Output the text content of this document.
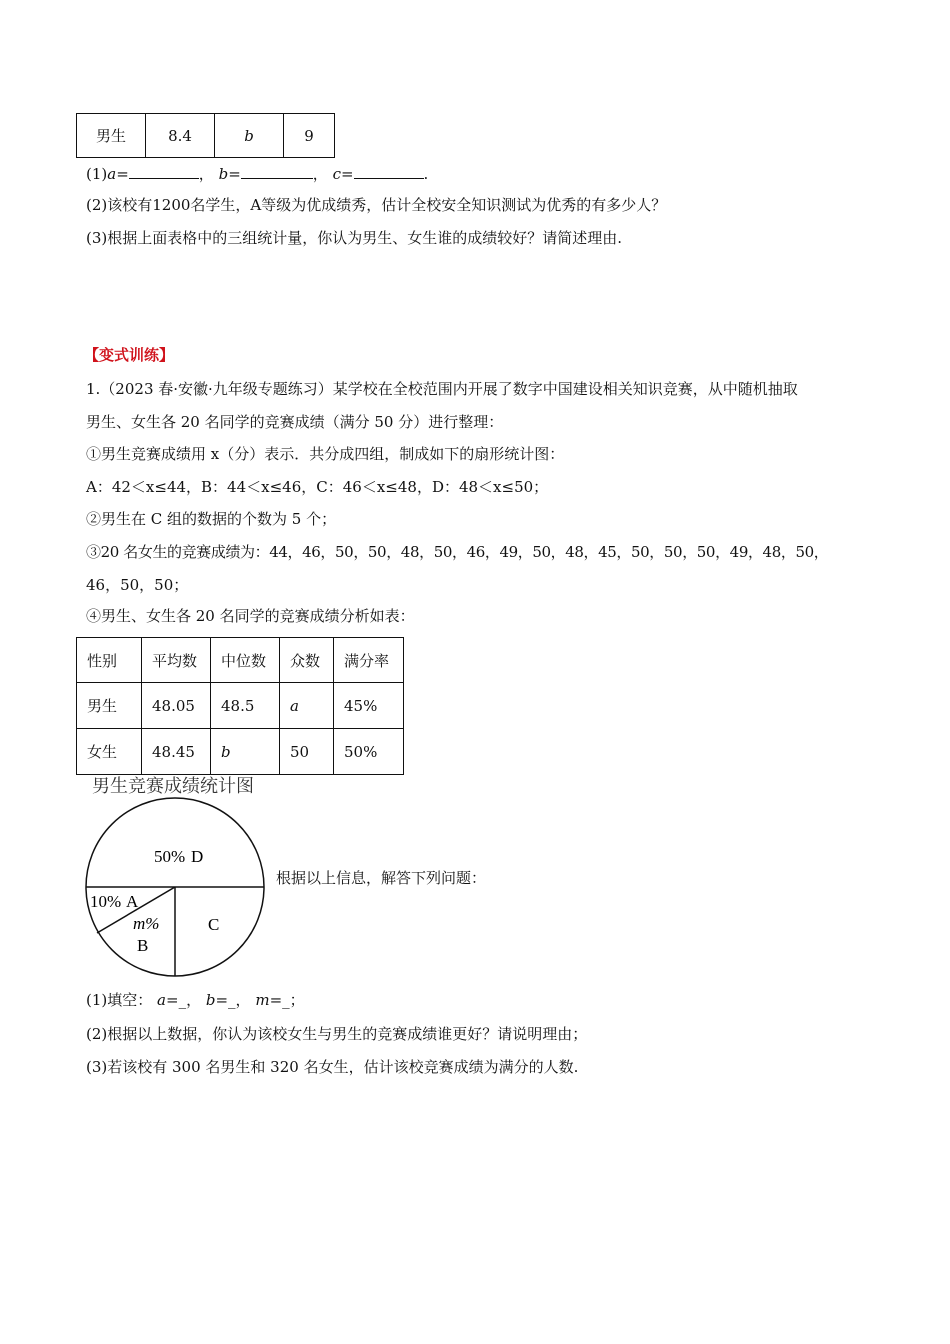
男生	8.4	b	9
(1)a=	， b=	， c=	.
(2)该校有1200名学生，A等级为优成绩秀，估计全校安全知识测试为优秀的有多少人？
(3)根据上面表格中的三组统计量，你认为男生、女生谁的成绩较好？请简述理由.
【变式训练】
1.（2023 春·安徽·九年级专题练习）某学校在全校范围内开展了数字中国建设相关知识竞赛，从中随机抽取
男生、女生各 20 名同学的竞赛成绩（满分 50 分）进行整理：
①男生竞赛成绩用 x（分）表示．共分成四组，制成如下的扇形统计图：
A：42＜x≤44，B：44＜x≤46，C：46＜x≤48，D：48＜x≤50；
②男生在 C 组的数据的个数为 5 个；
③20 名女生的竞赛成绩为：44，46，50，50，48，50，46，49，50，48，45，50，50，50，49，48，50，
46，50，50；
④男生、女生各 20 名同学的竞赛成绩分析如表：
性别	平均数	中位数	众数	满分率
男生	48.05	48.5	a	45%
女生	48.45	b	50	50%
男生竞赛成绩统计图
50% D
10% A
m%
B
C
根据以上信息，解答下列问题：
(1)填空： a=_， b=_， m=_；
(2)根据以上数据，你认为该校女生与男生的竞赛成绩谁更好？请说明理由；
(3)若该校有 300 名男生和 320 名女生，估计该校竞赛成绩为满分的人数.
